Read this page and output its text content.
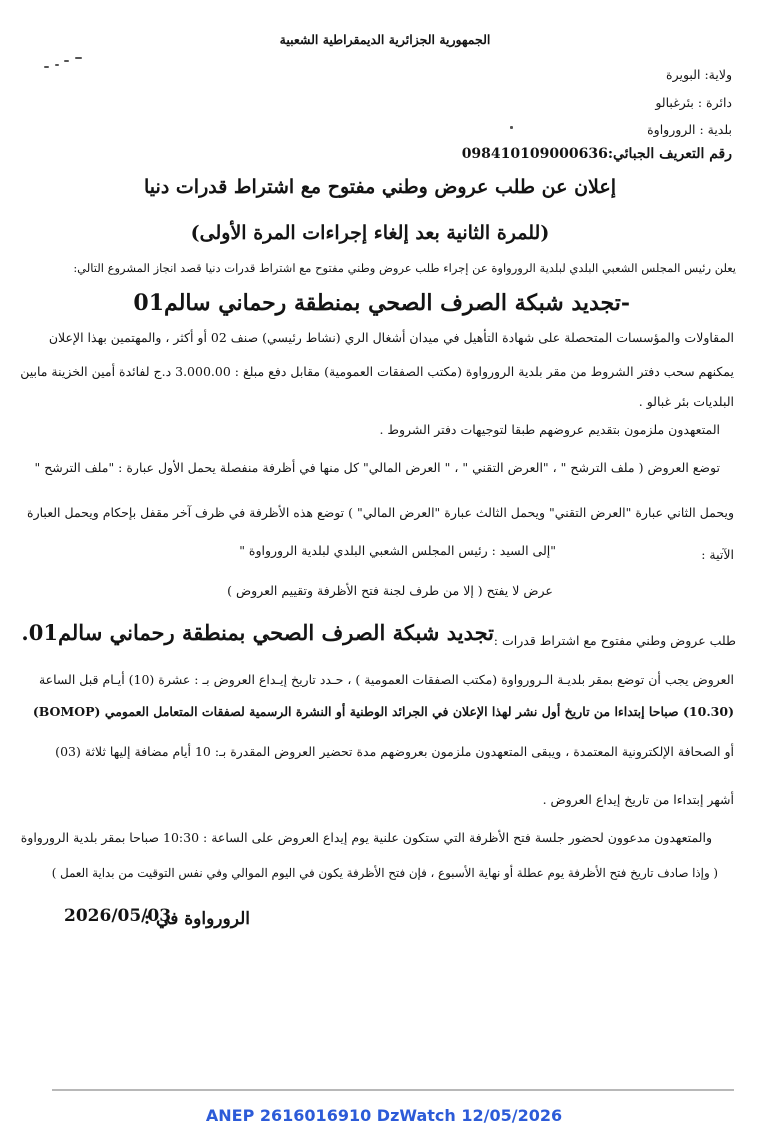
الجمهورية الجزائرية الديمقراطية الشعبية
ولاية: البويرة
دائرة : بئرغبالو
بلدية : الرورواوة
رقم التعريف الجبائي:098410109000636
إعلان عن طلب عروض وطني مفتوح مع اشتراط قدرات دنيا
(للمرة الثانية بعد إلغاء إجراءات المرة الأولى)
يعلن رئيس المجلس الشعبي البلدي لبلدية الرورواوة عن إجراء طلب عروض وطني مفتوح مع اشتراط قدرات دنيا قصد انجاز المشروع التالي:
-تجديد شبكة الصرف الصحي بمنطقة رحماني سالم01
المقاولات والمؤسسات المتحصلة على شهادة التأهيل في ميدان أشغال الري (نشاط رئيسي) صنف 02 أو أكثر ، والمهتمين بهذا الإعلان
يمكنهم سحب دفتر الشروط من مقر بلدية الرورواوة (مكتب الصفقات العمومية) مقابل دفع مبلغ : 3.000.00 د.ج لفائدة أمين الخزينة مابين
البلديات بئر غبالو .
المتعهدون ملزمون بتقديم عروضهم طبقا لتوجيهات دفتر الشروط .
توضع العروض ( ملف الترشح " ، "العرض التقني " ، " العرض المالي" كل منها في أظرفة منفصلة يحمل الأول عبارة : "ملف الترشح "
ويحمل الثاني عبارة "العرض التقني" ويحمل الثالث عبارة "العرض المالي" ) توضع هذه الأظرفة في ظرف آخر مقفل بإحكام ويحمل العبارة
الآتية :
"إلى السيد : رئيس المجلس الشعبي البلدي لبلدية الرورواوة "
عرض لا يفتح ( إلا من طرف لجنة فتح الأظرفة وتقييم العروض )
طلب عروض وطني مفتوح مع اشتراط قدرات :
تجديد شبكة الصرف الصحي بمنطقة رحماني سالم01.
العروض يجب أن توضع بمقر بلديـة الـرورواوة (مكتب الصفقات العمومية ) ، حـدد تاريخ إيـداع العروض بـ : عشرة (10) أيـام قبل الساعة
(10.30) صباحا إبتداءا من تاريخ أول نشر لهذا الإعلان في الجرائد الوطنية أو النشرة الرسمية لصفقات المتعامل العمومي (BOMOP)
أو الصحافة الإلكترونية المعتمدة ، ويبقى المتعهدون ملزمون بعروضهم مدة تحضير العروض المقدرة بـ: 10 أيام مضافة إليها ثلاثة (03)
أشهر إبتداءا من تاريخ إيداع العروض .
والمتعهدون مدعوون لحضور جلسة فتح الأظرفة التي ستكون علنية يوم إيداع العروض على الساعة : 10:30 صباحا بمقر بلدية الرورواوة
( وإذا صادف تاريخ فتح الأظرفة يوم عطلة أو نهاية الأسبوع ، فإن فتح الأظرفة يكون في اليوم الموالي وفي نفس التوقيت من بداية العمل )
الرورواوة في :
2026/05/03
ANEP 2616016910 DzWatch 12/05/2026
